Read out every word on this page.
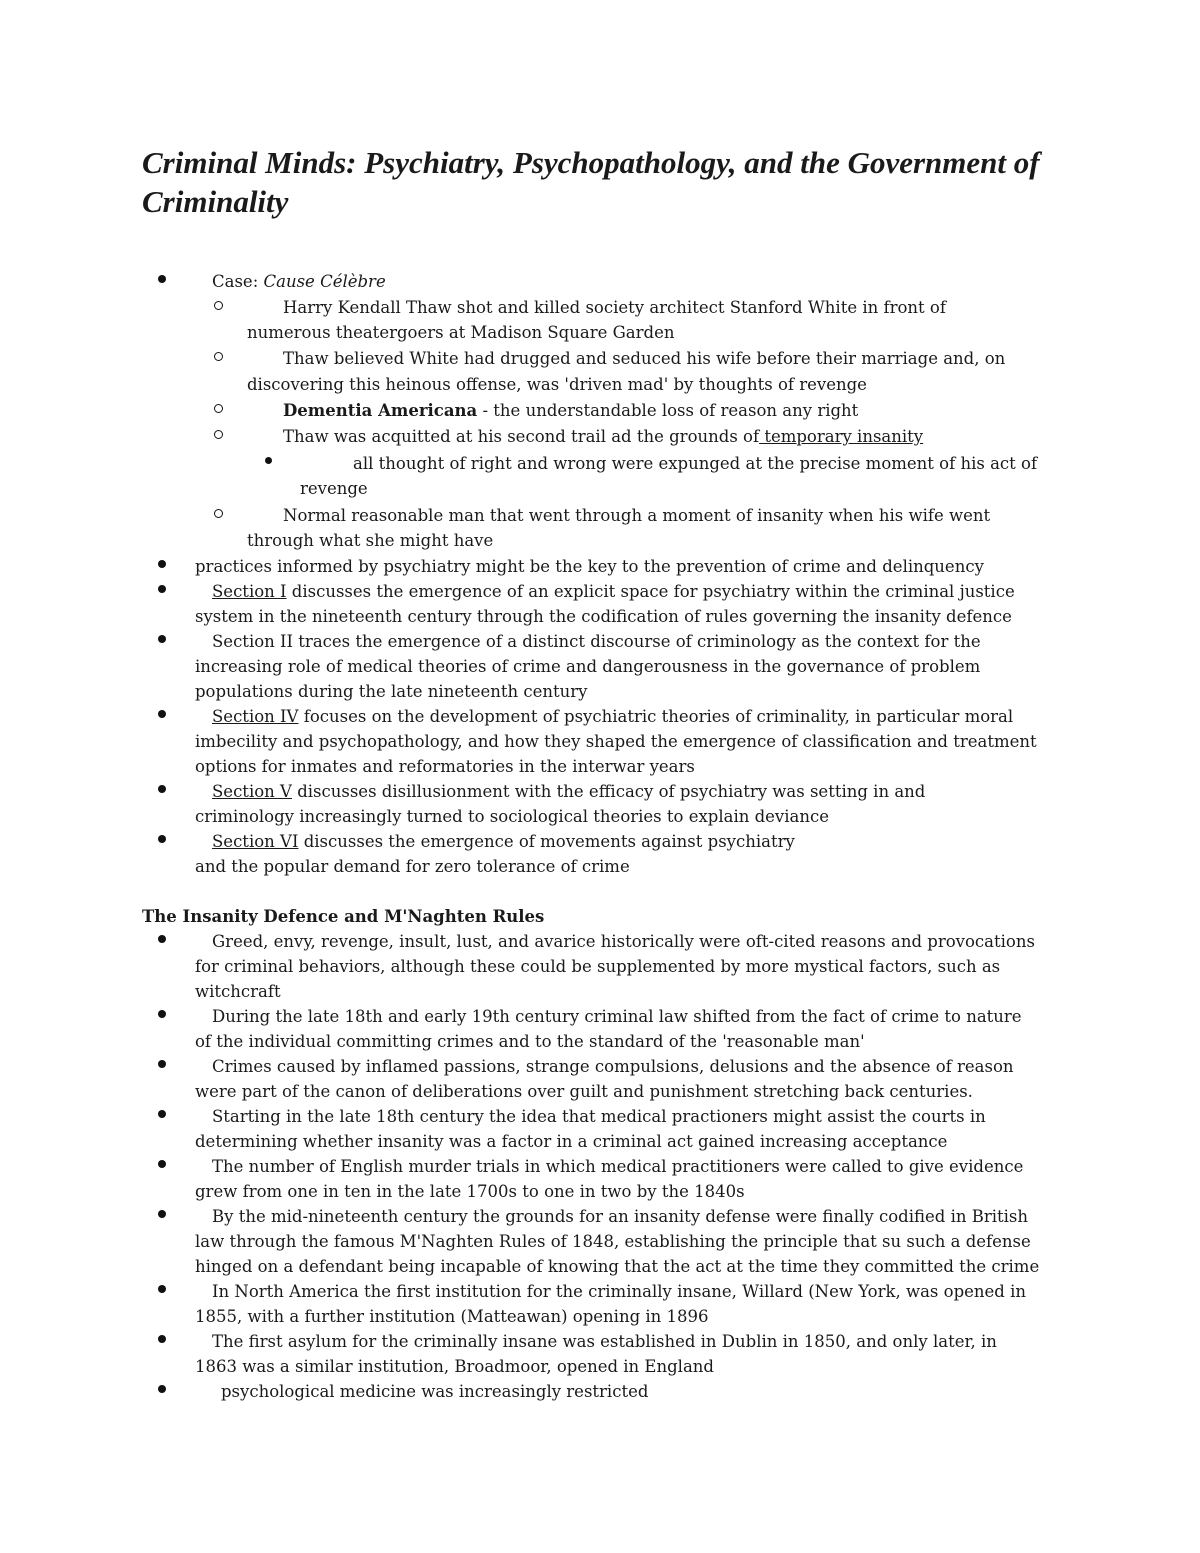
Criminal Minds: Psychiatry, Psychopathology, and the Government of Criminality
Case: Cause Célèbre
Harry Kendall Thaw shot and killed society architect Stanford White in front of
numerous theatergoers at Madison Square Garden
Thaw believed White had drugged and seduced his wife before their marriage and, on
discovering this heinous offense, was 'driven mad' by thoughts of revenge
Dementia Americana - the understandable loss of reason any right
Thaw was acquitted at his second trail ad the grounds of temporary insanity
all thought of right and wrong were expunged at the precise moment of his act of
revenge
Normal reasonable man that went through a moment of insanity when his wife went
through what she might have
practices informed by psychiatry might be the key to the prevention of crime and delinquency
Section I discusses the emergence of an explicit space for psychiatry within the criminal justice
system in the nineteenth century through the codification of rules governing the insanity defence
Section II traces the emergence of a distinct discourse of criminology as the context for the
increasing role of medical theories of crime and dangerousness in the governance of problem
populations during the late nineteenth century
Section IV focuses on the development of psychiatric theories of criminality, in particular moral
imbecility and psychopathology, and how they shaped the emergence of classification and treatment
options for inmates and reformatories in the interwar years
Section V discusses disillusionment with the efficacy of psychiatry was setting in and
criminology increasingly turned to sociological theories to explain deviance
Section VI discusses the emergence of movements against psychiatry
and the popular demand for zero tolerance of crime
The Insanity Defence and M'Naghten Rules
Greed, envy, revenge, insult, lust, and avarice historically were oft-cited reasons and provocations
for criminal behaviors, although these could be supplemented by more mystical factors, such as
witchcraft
During the late 18th and early 19th century criminal law shifted from the fact of crime to nature
of the individual committing crimes and to the standard of the 'reasonable man'
Crimes caused by inflamed passions, strange compulsions, delusions and the absence of reason
were part of the canon of deliberations over guilt and punishment stretching back centuries.
Starting in the late 18th century the idea that medical practioners might assist the courts in
determining whether insanity was a factor in a criminal act gained increasing acceptance
The number of English murder trials in which medical practitioners were called to give evidence
grew from one in ten in the late 1700s to one in two by the 1840s
By the mid-nineteenth century the grounds for an insanity defense were finally codified in British
law through the famous M'Naghten Rules of 1848, establishing the principle that su such a defense
hinged on a defendant being incapable of knowing that the act at the time they committed the crime
In North America the first institution for the criminally insane, Willard (New York, was opened in
1855, with a further institution (Matteawan) opening in 1896
The first asylum for the criminally insane was established in Dublin in 1850, and only later, in
1863 was a similar institution, Broadmoor, opened in England
psychological medicine was increasingly restricted
